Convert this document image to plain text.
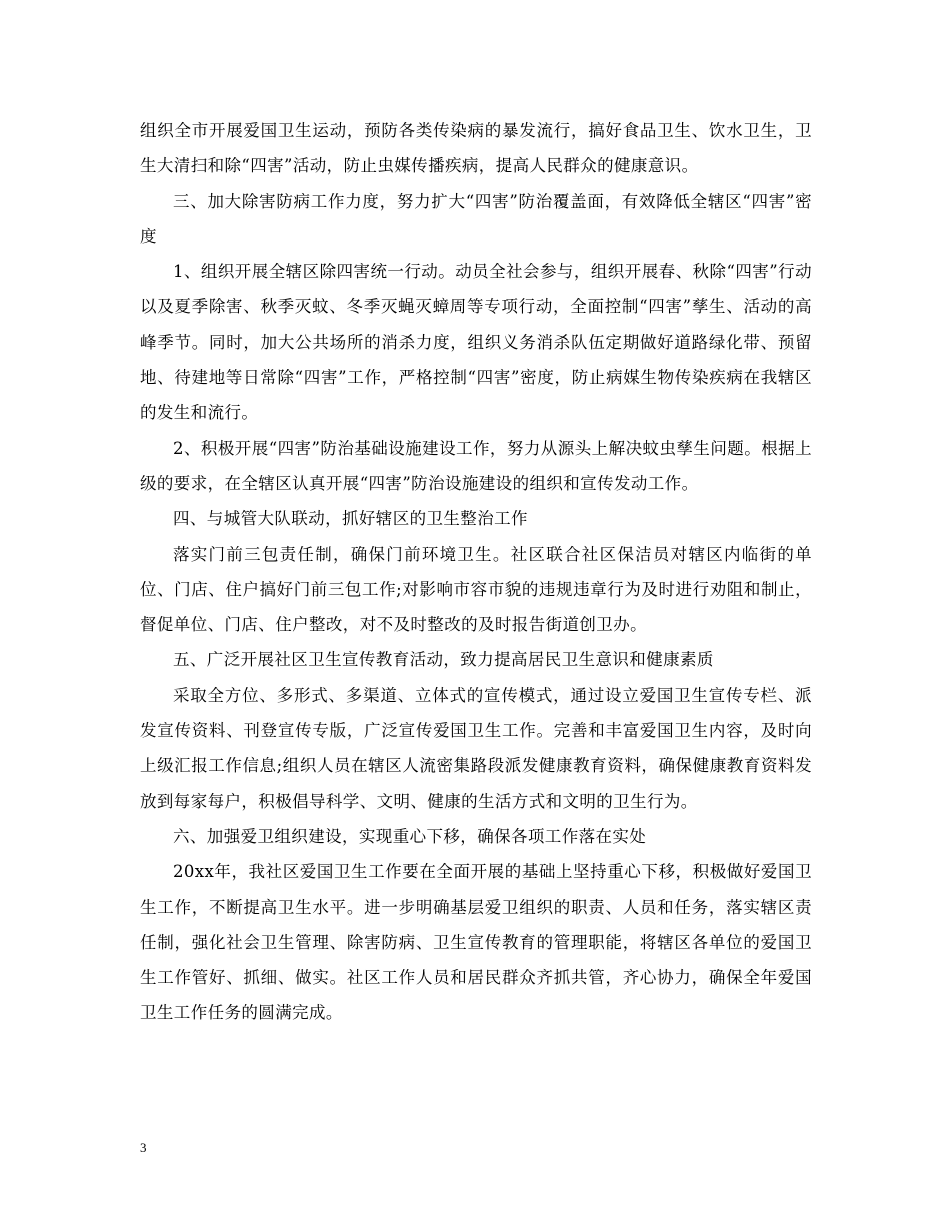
组织全市开展爱国卫生运动，预防各类传染病的暴发流行，搞好食品卫生、饮水卫生，卫生大清扫和除“四害”活动，防止虫媒传播疾病，提高人民群众的健康意识。

三、加大除害防病工作力度，努力扩大“四害”防治覆盖面，有效降低全辖区“四害”密度

1、组织开展全辖区除四害统一行动。动员全社会参与，组织开展春、秋除“四害”行动以及夏季除害、秋季灭蚊、冬季灭蝇灭蟑周等专项行动，全面控制“四害”孳生、活动的高峰季节。同时，加大公共场所的消杀力度，组织义务消杀队伍定期做好道路绿化带、预留地、待建地等日常除“四害”工作，严格控制“四害”密度，防止病媒生物传染疾病在我辖区的发生和流行。

2、积极开展“四害”防治基础设施建设工作，努力从源头上解决蚊虫孳生问题。根据上级的要求，在全辖区认真开展“四害”防治设施建设的组织和宣传发动工作。

四、与城管大队联动，抓好辖区的卫生整治工作

落实门前三包责任制，确保门前环境卫生。社区联合社区保洁员对辖区内临街的单位、门店、住户搞好门前三包工作;对影响市容市貌的违规违章行为及时进行劝阻和制止，督促单位、门店、住户整改，对不及时整改的及时报告街道创卫办。

五、广泛开展社区卫生宣传教育活动，致力提高居民卫生意识和健康素质

采取全方位、多形式、多渠道、立体式的宣传模式，通过设立爱国卫生宣传专栏、派发宣传资料、刊登宣传专版，广泛宣传爱国卫生工作。完善和丰富爱国卫生内容，及时向上级汇报工作信息;组织人员在辖区人流密集路段派发健康教育资料，确保健康教育资料发放到每家每户，积极倡导科学、文明、健康的生活方式和文明的卫生行为。

六、加强爱卫组织建设，实现重心下移，确保各项工作落在实处

20xx年，我社区爱国卫生工作要在全面开展的基础上坚持重心下移，积极做好爱国卫生工作，不断提高卫生水平。进一步明确基层爱卫组织的职责、人员和任务，落实辖区责任制，强化社会卫生管理、除害防病、卫生宣传教育的管理职能，将辖区各单位的爱国卫生工作管好、抓细、做实。社区工作人员和居民群众齐抓共管，齐心协力，确保全年爱国卫生工作任务的圆满完成。

3
